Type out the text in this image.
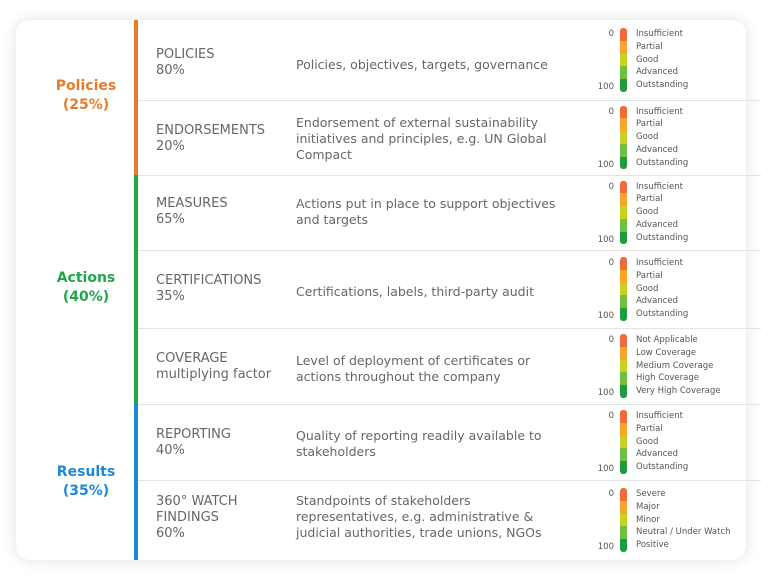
Policies
(25%)
Actions
(40%)
Results
(35%)
POLICIES
80%	Policies, objectives, targets, governance
0
100
Insufficient
Partial
Good
Advanced
Outstanding
ENDORSEMENTS
20%
Endorsement of external sustainability initiatives and principles, e.g. UN Global Compact
0
100
Insufficient
Partial
Good
Advanced
Outstanding
MEASURES
65%
Actions put in place to support objectives and targets
0
100
Insufficient
Partial
Good
Advanced
Outstanding
CERTIFICATIONS
35%	Certifications, labels, third-party audit
0
100
Insufficient
Partial
Good
Advanced
Outstanding
COVERAGE
multiplying factor
Level of deployment of certificates or actions throughout the company
0
100
Not Applicable
Low Coverage
Medium Coverage
High Coverage
Very High Coverage
REPORTING
40%
Quality of reporting readily available to stakeholders
0
100
Insufficient
Partial
Good
Advanced
Outstanding
360° WATCH FINDINGS
60%
Standpoints of stakeholders representatives, e.g. administrative & judicial authorities, trade unions, NGOs
0
100
Severe
Major
Minor
Neutral / Under Watch
Positive
